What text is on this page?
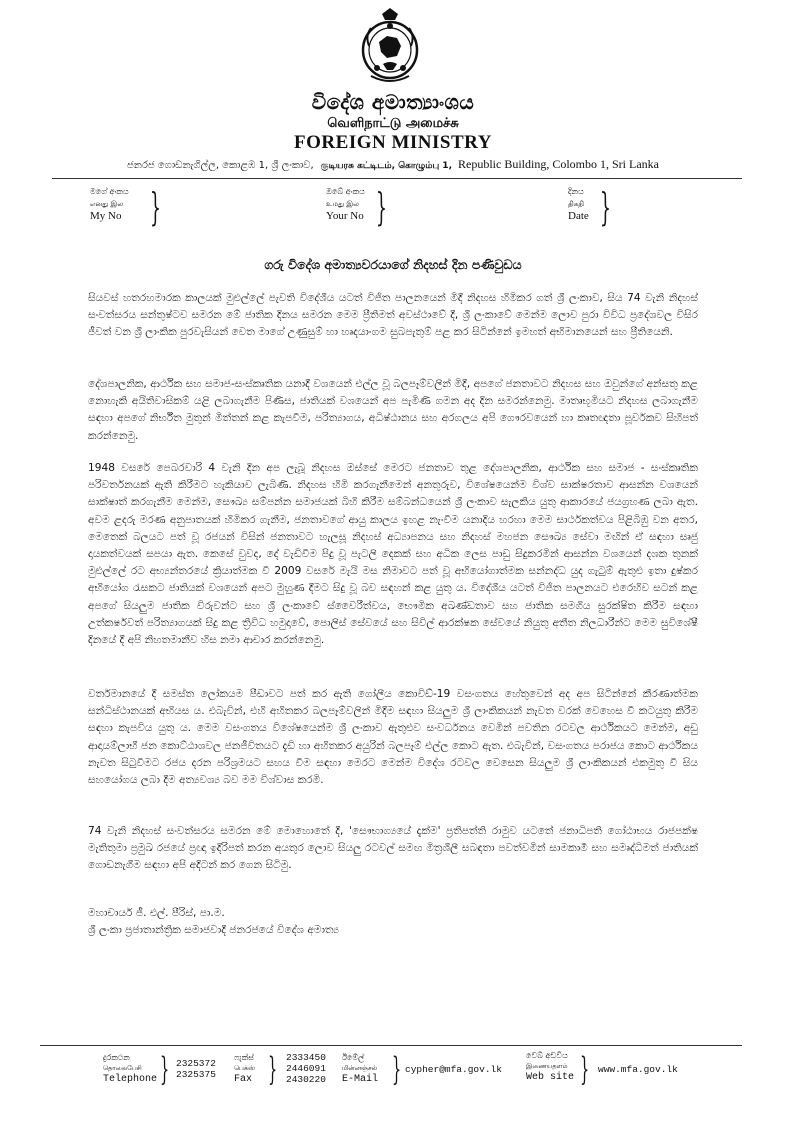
විදේශ අමාත්‍යාංශය
வெளிநாட்டு அமைச்சு
FOREIGN MINISTRY
ජනරජ ගොඩනැගිල්ල, කොළඹ 1, ශ්‍රී ලංකාව, குடியரசு கட்டிடம், கொழும்பு 1, Republic Building, Colombo 1, Sri Lanka
මගේ අංකය
எனது இல
My No }	ඔබේ අංකය
உமது இல
Your No }	දිනය
திகதி
Date }
ගරු විදේශ අමාත්‍යවරයාගේ නිදහස් දින පණිවුඩය

සියවස් හතරහමාරක කාලයක් මුළුල්ලේ පැවති විදේශීය යටත් විජිත පාලනයෙන් මිදී නිදහස හිමිකර ගත් ශ්‍රී ලංකාව, සිය 74 වැනි නිදහස් සංවත්සරය සන්තුෂ්ටව සමරන මේ ජාතික දිනය සමරන මෙම ප්‍රීතිමත් අවස්ථාවේ දී, ශ්‍රී ලංකාවේ මෙන්ම ලොව පුරා විවිධ ප්‍රදේශවල විසිර ජීවත් වන ශ්‍රී ලාංකික පුරවැසියන් වෙත මාගේ උණුසුම් හා හෘදයාංගම සුබපැතුම් පළ කර සිටින්නේ ඉමහත් අභිමානයෙන් සහ ප්‍රීතියෙනි.

දේශපාලනික, ආර්ථික සහ සමාජ-සංස්කෘතික යනාදී වශයෙන් එල්ල වූ බලපෑම්වලින් මිදී, අපගේ ජනතාවට නිදහස සහ ඔවුන්ගේ අන්සතු කළ නොහැකි අයිතිවාසිකම් යළි ලබාගැනීම පිණිස, ජාතියක් වශයෙන් අප පැමිණි ගමන අද දින සමරන්නෙමු. මාතෘභූමියට නිදහස ලබාගැනීම සඳහා අපගේ නිර්භීත මුතුන් මිත්තන් කළ කැපවීම, පරිත්‍යාගය, අධිෂ්ඨානය සහ අරගලය අපි ගෞරවයෙන් හා කෘතඥතා පූර්වකව සිහිපත් කරන්නෙමු.

1948 වසරේ පෙබරවාරි 4 වැනි දින අප ලැබූ නිදහස ඔස්සේ මෙරට ජනතාව තුළ දේශපාලනික, ආර්ථික සහ සමාජ - සංස්කෘතික පරිවර්තනයක් ඇති කිරීමට හැකියාව ලැබිණි. නිදහස හිමි කරගැනීමෙන් අනතුරුව, විශේෂයෙන්ම විශ්ව සාක්ෂරතාව ආසන්න වශයෙන් සාක්ෂාත් කරගැනීම මෙන්ම, සෞඛ්‍ය සම්පන්න සමාජයක් බිහි කිරීම සම්බන්ධයෙන් ශ්‍රී ලංකාව සැලකිය යුතු ආකාරයේ ජයග්‍රහණ ලබා ඇත. අවම ළදරු මරණ අනුපාතයක් හිමිකර ගැනීම, ජනතාවගේ ආයු කාලය ඉහළ නැංවීම යනාදිය හරහා මෙම සාර්ථකත්වය පිළිබිඹු වන අතර, මෙතෙක් බලයට පත් වූ රජයන් විසින් ජනතාවට හැලසූ නිදහස් අධ්‍යාපනය සහ නිදහස් මහජන සෞඛ්‍ය සේවා මඟින් ඒ සඳහා සෘජු දායකත්වයක් සපයා ඇත. කෙසේ වුවද, දේ වැඩිවීම පිදු වූ පැටලි දෙකක් සහ අධික ලෙස පාඩු සිදුකරමින් ආසන්න වශයෙන් දශක තුනක් මුළුල්ලේ රට අභ්‍යන්තරයේ ක්‍රියාත්මක වී 2009 වසරේ මැයි මස නිමාවට පත් වූ අභියෝගාත්මක සන්නද්ධ යුද ගැටුම් ඇතුළු ඉතා දුෂ්කර අභියෝග රැසකට ජාතියක් වශයෙන් අපට මුහුණ දීමට සිදු වූ බව සඳහන් කළ යුතු ය. විදේශීය යටත් විජිත පාලනයට එරෙහිව සටන් කළ අපගේ සියලුම ජාතික විරුවන්ට සහ ශ්‍රී ලංකාවේ ස්වෛරීත්වය, භෞමික අඛණ්ඩතාව සහ ජාතික සමගිය සුරක්ෂිත කිරීම සඳහා උත්කර්ෂවත් පරිත්‍යාගයක් සිදු කළ ත්‍රිවිධ හමුදාවේ, පොලිස් සේවයේ සහ සිවිල් ආරක්ෂක සේවයේ නියුතු අතීත නිලධාරීන්ට මෙම සුවිශේෂී දිනයේ දී අපි නිහතමානීව හිස නමා ආචාර කරන්නෙමු.

වර්තමානයේ දී සමස්ත ලෝකයම පීඩාවට පත් කර ඇති ගෝලීය කොවිඩ්-19 වසංගතය හේතුවෙන් අද අප සිටින්නේ කීරණාත්මක සන්ධිස්ථානයක් අභියස ය. එබැවින්, එහි අහිතකර බලපෑම්වලින් මිදීම සඳහා සියලුම ශ්‍රී ලාංකිකයන් නැවත වරක් වෙහෙස වී කටයුතු කිරීම සඳහා කැපවිය යුතු ය. මෙම වසංගතය විශේෂයෙන්ම ශ්‍රී ලංකාව ඇතුළුව සංවර්ධනය වෙමින් පවතින රටවල ආර්ථිකයට මෙන්ම, අඩු ආදායම්ලාභී ජන කොට්ඨාශවල ජනජීවිතයට දැඩි හා අහිතකර අයුරින් බලපෑම් එල්ල කොට ඇත. එබැවින්, වසංගතය පරාජය කොට ආර්ථිකය නැවත සිටුවීමට රජය දරන පරිශ්‍රමයට සහය වීම සඳහා මෙරට මෙන්ම විදේශ රටවල වෙසෙන සියලුම ශ්‍රී ලාංකිකයන් එකමුතු වී සිය සහයෝගය ලබා දීම අත්‍යවශ්‍ය බව මම විශ්වාස කරමි.

74 වැනි නිදහස් සංවත්සරය සමරන මේ මොහොතේ දී, 'සෞභාග්‍යයේ දැක්ම' ප්‍රතිපත්ති රාමුව යටතේ ජනාධිපති ගෝඨාභය රාජපක්ෂ මැතිතුමා ප්‍රමුඛ රජයේ ප්‍රඥා ඉදිරිපත් කරන අයතුර ලොව සියලු රටවල් සමඟ මිත්‍රශීලී සබඳතා පවත්වමින් සාමකාමී සහ සමෘද්ධිමත් ජාතියක් ගොඩනැගීම සඳහා අපි අදිටන් කර ගෙන සිටිමු.

මහාචාර්ය ජී. එල්. පීරිස්, පා.ම.
ශ්‍රී ලංකා ප්‍රජාතාන්ත්‍රික සමාජවාදී ජනරජයේ විදේශ අමාත්‍ය
දුරකථන
தொலைபேசி
Telephone } 2325372
2325375
ෆැක්ස්
பெக்ஸ்
Fax } 2333450
2446091
2430220
ඊමේල්
மின்னஞ்சல்
E-Mail } cypher@mfa.gov.lk
වෙබ් අඩවිය
இணையதளம்
Web site } www.mfa.gov.lk
